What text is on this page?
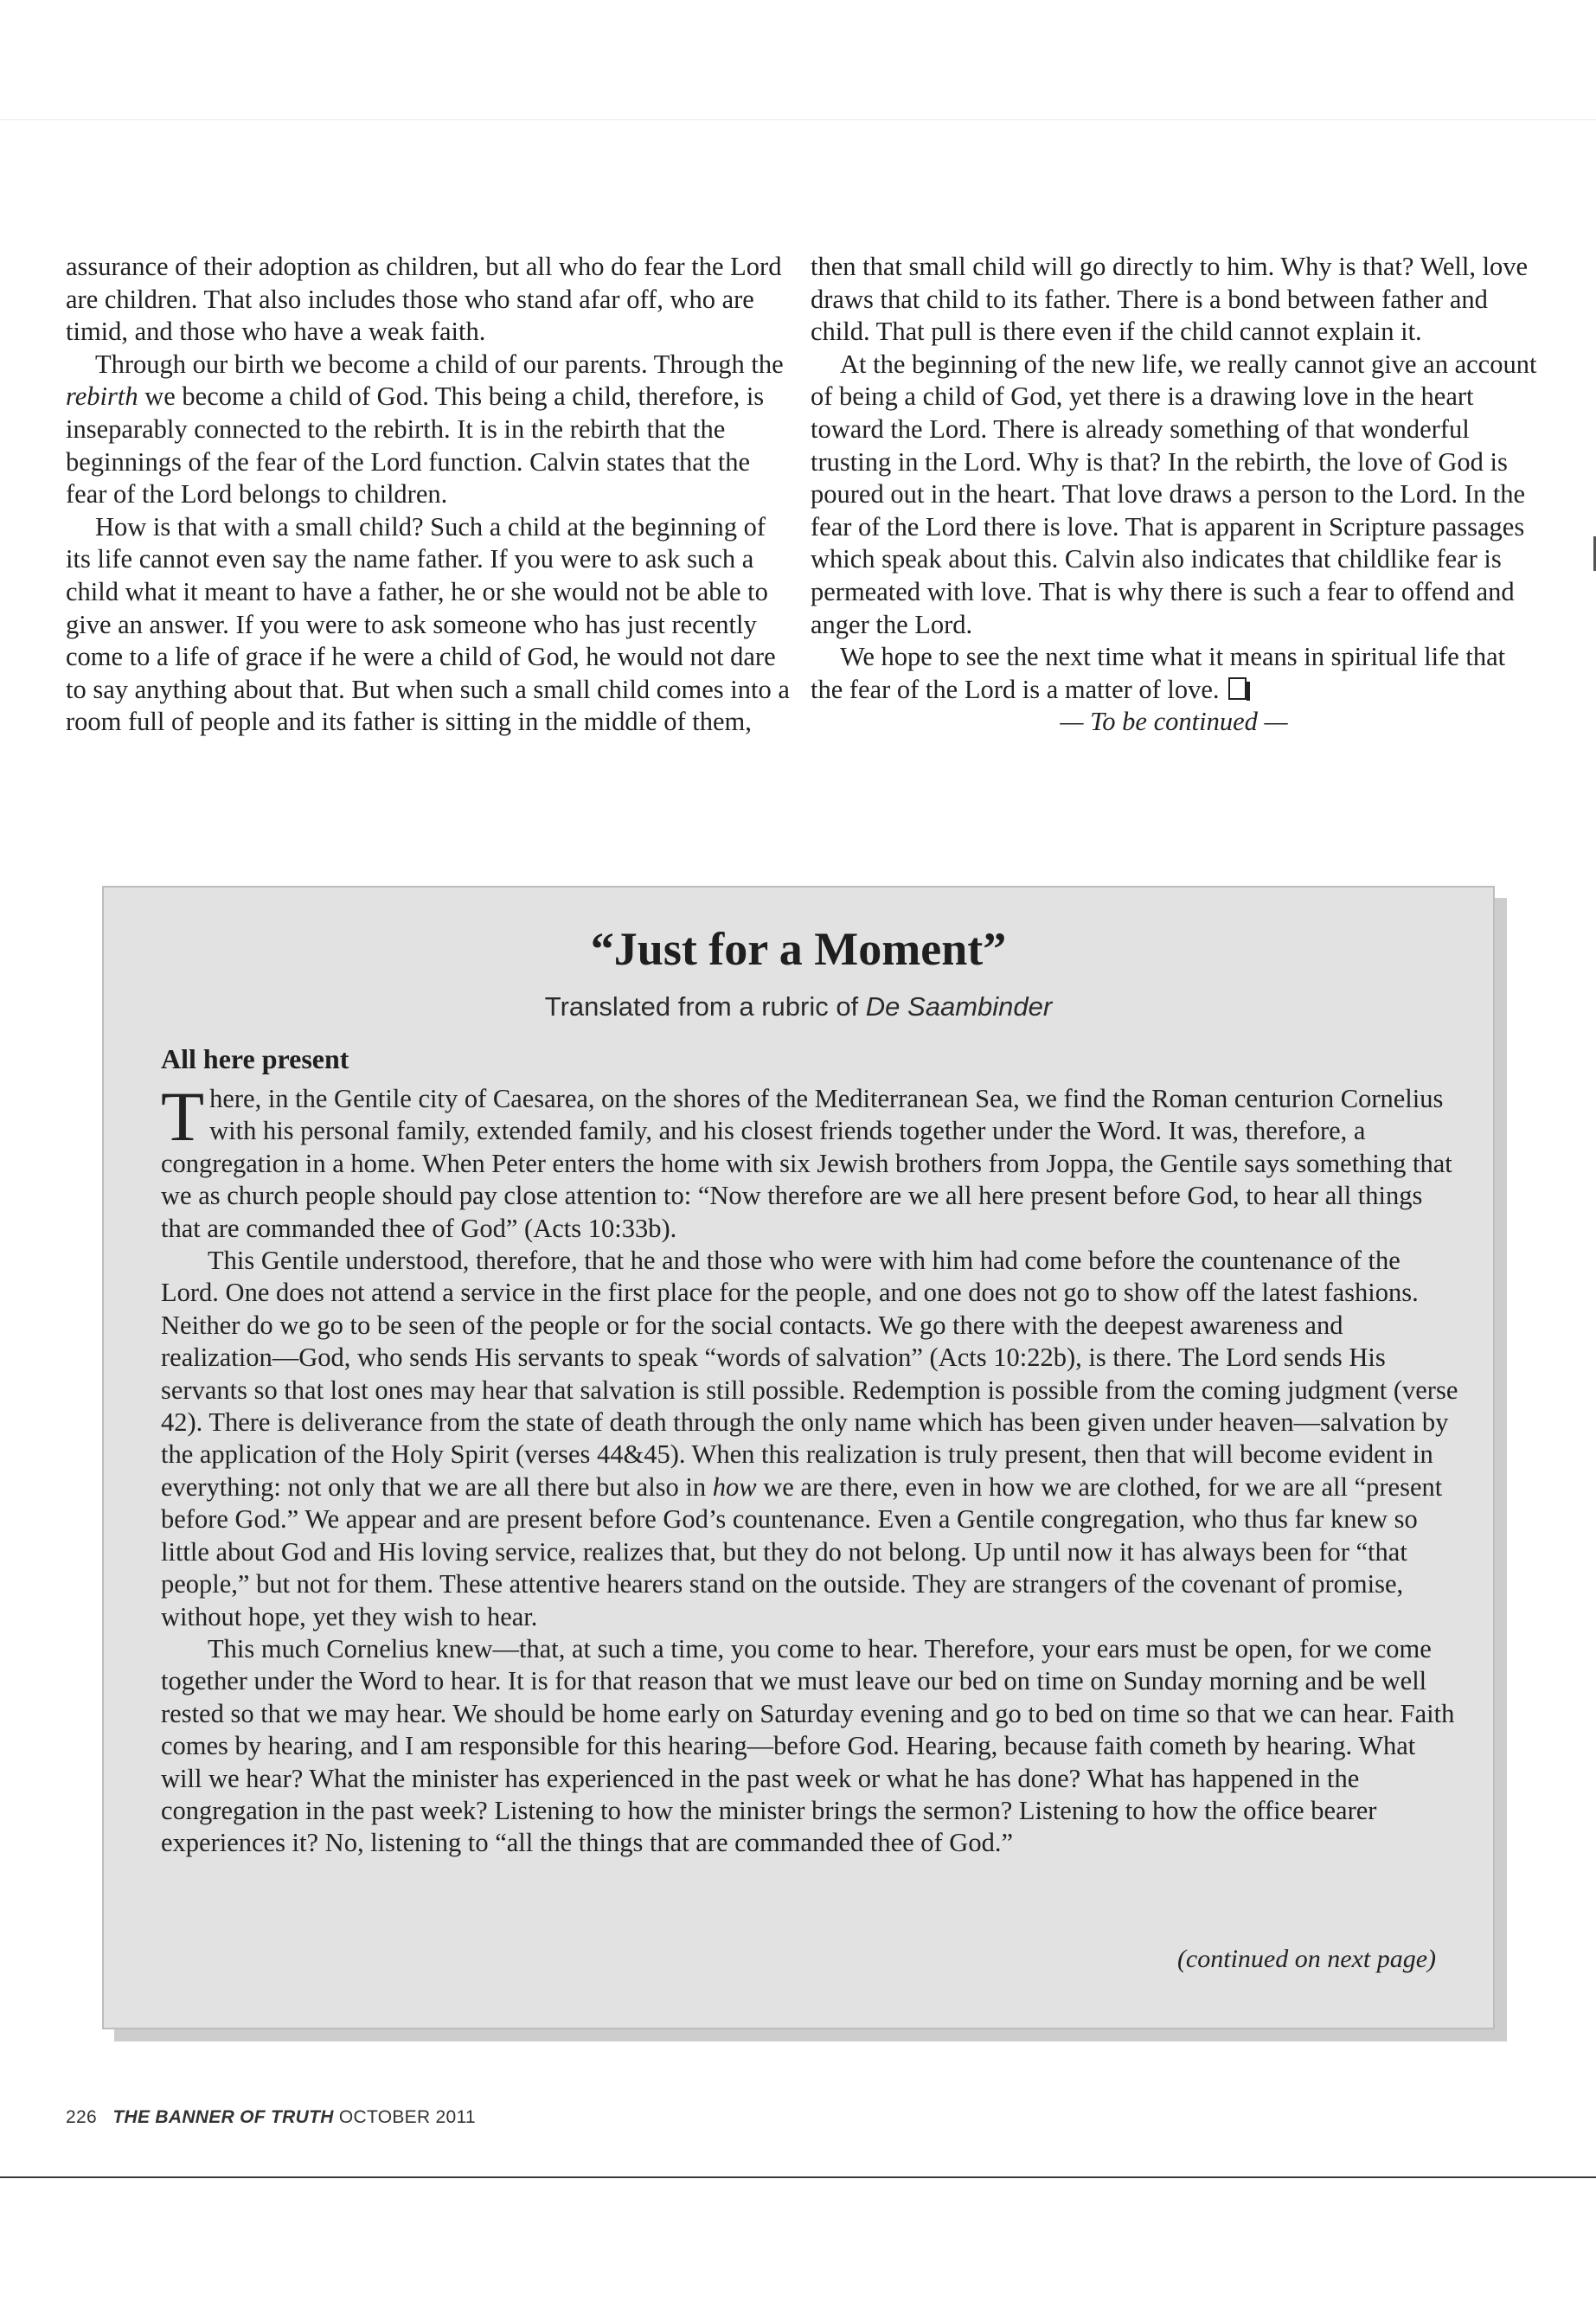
assurance of their adoption as children, but all who do fear the Lord are children. That also includes those who stand afar off, who are timid, and those who have a weak faith.

Through our birth we become a child of our parents. Through the rebirth we become a child of God. This being a child, therefore, is inseparably connected to the rebirth. It is in the rebirth that the beginnings of the fear of the Lord function. Calvin states that the fear of the Lord belongs to children.

How is that with a small child? Such a child at the beginning of its life cannot even say the name father. If you were to ask such a child what it meant to have a father, he or she would not be able to give an answer. If you were to ask someone who has just recently come to a life of grace if he were a child of God, he would not dare to say anything about that. But when such a small child comes into a room full of people and its father is sitting in the middle of them,

then that small child will go directly to him. Why is that? Well, love draws that child to its father. There is a bond between father and child. That pull is there even if the child cannot explain it.

At the beginning of the new life, we really cannot give an account of being a child of God, yet there is a drawing love in the heart toward the Lord. There is already something of that wonderful trusting in the Lord. Why is that? In the rebirth, the love of God is poured out in the heart. That love draws a person to the Lord. In the fear of the Lord there is love. That is apparent in Scripture passages which speak about this. Calvin also indicates that childlike fear is permeated with love. That is why there is such a fear to offend and anger the Lord.

We hope to see the next time what it means in spiritual life that the fear of the Lord is a matter of love.

— To be continued —

“Just for a Moment”
Translated from a rubric of De Saambinder
All here present

There, in the Gentile city of Caesarea, on the shores of the Mediterranean Sea, we find the Roman centurion Cornelius with his personal family, extended family, and his closest friends together under the Word. It was, therefore, a congregation in a home. When Peter enters the home with six Jewish brothers from Joppa, the Gentile says something that we as church people should pay close attention to: “Now therefore are we all here present before God, to hear all things that are commanded thee of God” (Acts 10:33b).

This Gentile understood, therefore, that he and those who were with him had come before the countenance of the Lord. One does not attend a service in the first place for the people, and one does not go to show off the latest fashions. Neither do we go to be seen of the people or for the social contacts. We go there with the deepest awareness and realization—God, who sends His servants to speak “words of salvation” (Acts 10:22b), is there. The Lord sends His servants so that lost ones may hear that salvation is still possible. Redemption is possible from the coming judgment (verse 42). There is deliverance from the state of death through the only name which has been given under heaven—salvation by the application of the Holy Spirit (verses 44&45). When this realization is truly present, then that will become evident in everything: not only that we are all there but also in how we are there, even in how we are clothed, for we are all “present before God.” We appear and are present before God’s countenance. Even a Gentile congregation, who thus far knew so little about God and His loving service, realizes that, but they do not belong. Up until now it has always been for “that people,” but not for them. These attentive hearers stand on the outside. They are strangers of the covenant of promise, without hope, yet they wish to hear.

This much Cornelius knew—that, at such a time, you come to hear. Therefore, your ears must be open, for we come together under the Word to hear. It is for that reason that we must leave our bed on time on Sunday morning and be well rested so that we may hear. We should be home early on Saturday evening and go to bed on time so that we can hear. Faith comes by hearing, and I am responsible for this hearing—before God. Hearing, because faith cometh by hearing. What will we hear? What the minister has experienced in the past week or what he has done? What has happened in the congregation in the past week? Listening to how the minister brings the sermon? Listening to how the office bearer experiences it? No, listening to “all the things that are commanded thee of God.”

(continued on next page)
226 THE BANNER OF TRUTH OCTOBER 2011
